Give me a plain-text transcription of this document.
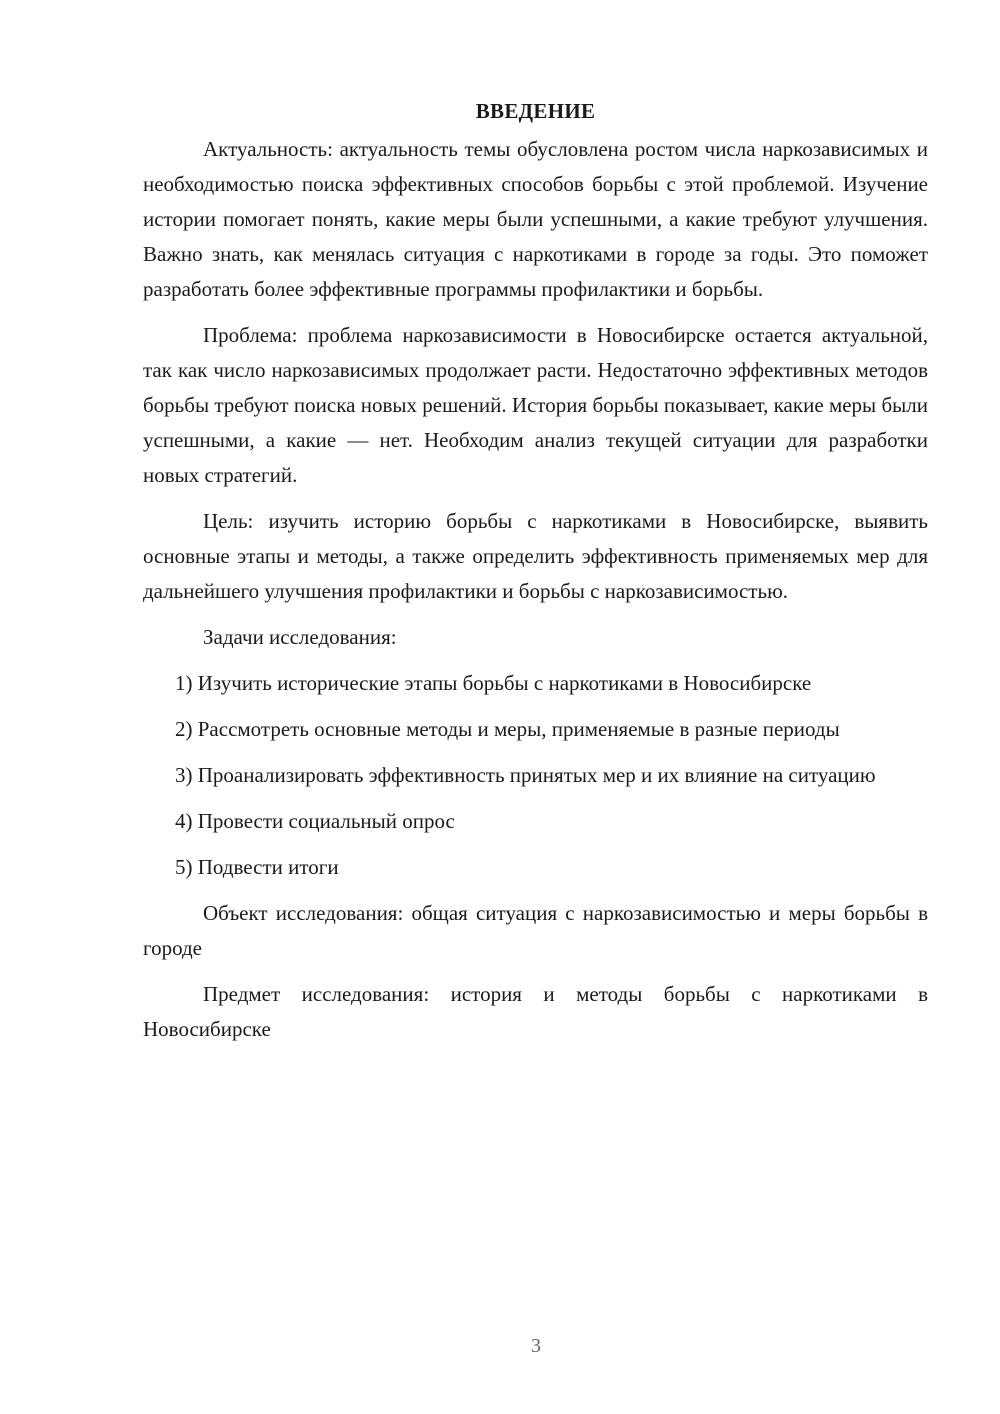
ВВЕДЕНИЕ

Актуальность: актуальность темы обусловлена ростом числа наркозависимых и необходимостью поиска эффективных способов борьбы с этой проблемой. Изучение истории помогает понять, какие меры были успешными, а какие требуют улучшения. Важно знать, как менялась ситуация с наркотиками в городе за годы. Это поможет разработать более эффективные программы профилактики и борьбы.

Проблема: проблема наркозависимости в Новосибирске остается актуальной, так как число наркозависимых продолжает расти. Недостаточно эффективных методов борьбы требуют поиска новых решений. История борьбы показывает, какие меры были успешными, а какие — нет. Необходим анализ текущей ситуации для разработки новых стратегий.

Цель: изучить историю борьбы с наркотиками в Новосибирске, выявить основные этапы и методы, а также определить эффективность применяемых мер для дальнейшего улучшения профилактики и борьбы с наркозависимостью.

Задачи исследования:

1) Изучить исторические этапы борьбы с наркотиками в Новосибирске

2) Рассмотреть основные методы и меры, применяемые в разные периоды

3) Проанализировать эффективность принятых мер и их влияние на ситуацию

4) Провести социальный опрос

5) Подвести итоги

Объект исследования: общая ситуация с наркозависимостью и меры борьбы в городе

Предмет исследования: история и методы борьбы с наркотиками в Новосибирске

3
